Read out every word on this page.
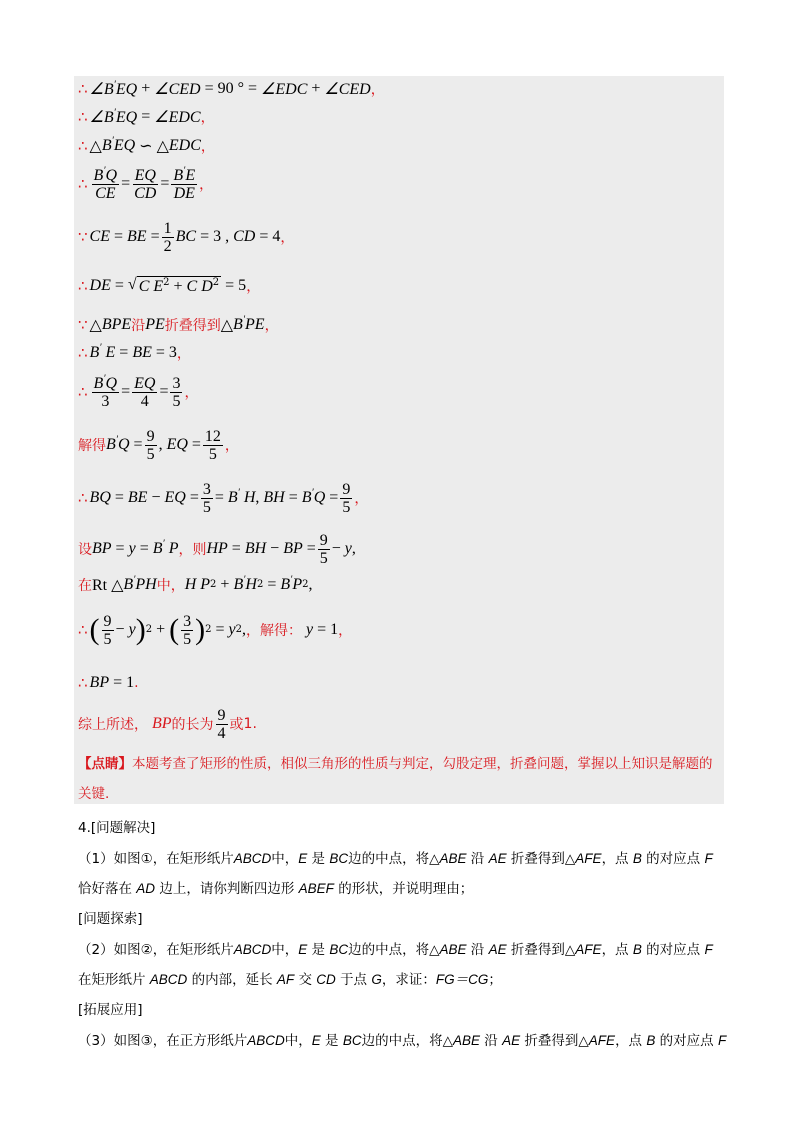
∴ ∠B′EQ + ∠CED = 90 ° = ∠EDC + ∠CED ，
∴ ∠B′EQ = ∠EDC ，
∴ △ B′EQ ∽ △ EDC ，
∴ $\frac{B'Q}{CE} = \frac{EQ}{CD} = \frac{B'E}{DE}$ ，
∵ CE = BE = $\frac{1}{2}$ BC = 3 , CD = 4 ，
∴ DE = √ C $E^2 + C$ $D^2 = 5$ ，
∵ △ BPE 沿 PE 折叠得到 △ B′PE ，
∴ B′ E = BE = 3 ，
∴ $\frac{B'Q}{3} = \frac{EQ}{4} = \frac{3}{5}$ ，
解得 $B'Q = \frac{9}{5}$ , EQ = $\frac{12}{5}$ ，
∴ BQ = BE − EQ = $\frac{3}{5} = B'$ H , BH = $B'Q = \frac{9}{5}$ ，
设 BP = y = B′ P ，则 HP = BH − BP = $\frac{9}{5} - y$ ,
在 Rt △ B′PH 中， H P 2 + B′H 2 = B′P 2 ,
∴ ( $\frac{9}{5} - y$ ) 2 + ( $\frac{3}{5}$ ) 2 = y 2 , ，解得： y = 1 ，
∴ BP = 1 .
综上所述， BP 的长为 $\frac{9}{4}$ 或 1 .
【点睛】本题考查了矩形的性质，相似三角形的性质与判定，勾股定理，折叠问题，掌握以上知识是解题的关键.
4.[问题解决]
（1）如图①，在矩形纸片ABCD中，E 是 BC边的中点，将△ABE 沿 AE 折叠得到△AFE，点 B 的对应点 F
恰好落在 AD 边上，请你判断四边形 ABEF 的形状，并说明理由；
[问题探索]
（2）如图②，在矩形纸片ABCD中，E 是 BC边的中点，将△ABE 沿 AE 折叠得到△AFE，点 B 的对应点 F
在矩形纸片 ABCD 的内部，延长 AF 交 CD 于点 G，求证：FG＝CG；
[拓展应用]
（3）如图③，在正方形纸片ABCD中，E 是 BC边的中点，将△ABE 沿 AE 折叠得到△AFE，点 B 的对应点 F
